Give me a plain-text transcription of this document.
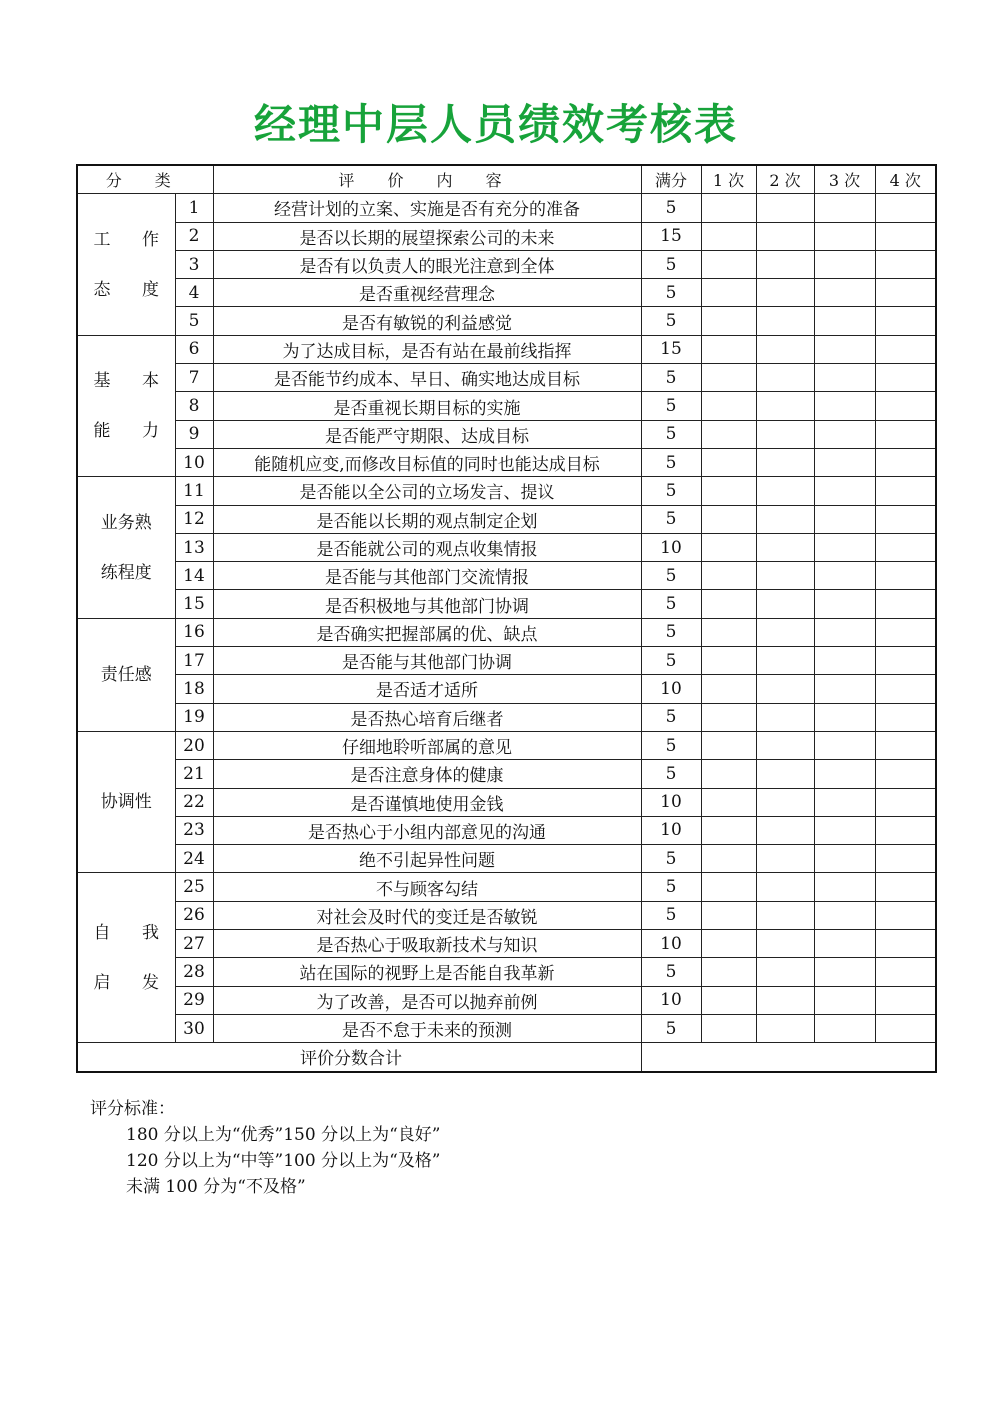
经理中层人员绩效考核表
分 类		评 价 内 容	满分	1 次	2 次	3 次	4 次

工 作
态 度	1	经营计划的立案、实施是否有充分的准备	5				
	2	是否以长期的展望探索公司的未来	15				
	3	是否有以负责人的眼光注意到全体	5				
	4	是否重视经营理念	5				
	5	是否有敏锐的利益感觉	5				

基 本
能 力	6	为了达成目标，是否有站在最前线指挥	15				
	7	是否能节约成本、早日、确实地达成目标	5				
	8	是否重视长期目标的实施	5				
	9	是否能严守期限、达成目标	5				
	10	能随机应变,而修改目标值的同时也能达成目标	5				

业务熟
练程度	11	是否能以全公司的立场发言、提议	5				
	12	是否能以长期的观点制定企划	5				
	13	是否能就公司的观点收集情报	10				
	14	是否能与其他部门交流情报	5				
	15	是否积极地与其他部门协调	5				

责任感	16	是否确实把握部属的优、缺点	5				
	17	是否能与其他部门协调	5				
	18	是否适才适所	10				
	19	是否热心培育后继者	5				

协调性	20	仔细地聆听部属的意见	5				
	21	是否注意身体的健康	5				
	22	是否谨慎地使用金钱	10				
	23	是否热心于小组内部意见的沟通	10				
	24	绝不引起异性问题	5				

自 我
启 发	25	不与顾客勾结	5				
	26	对社会及时代的变迁是否敏锐	5				
	27	是否热心于吸取新技术与知识	10				
	28	站在国际的视野上是否能自我革新	5				
	29	为了改善，是否可以抛弃前例	10				
	30	是否不怠于未来的预测	5				
评价分数合计							
评分标准：
180 分以上为“优秀”150 分以上为“良好”
120 分以上为“中等”100 分以上为“及格”
未满 100 分为“不及格”
